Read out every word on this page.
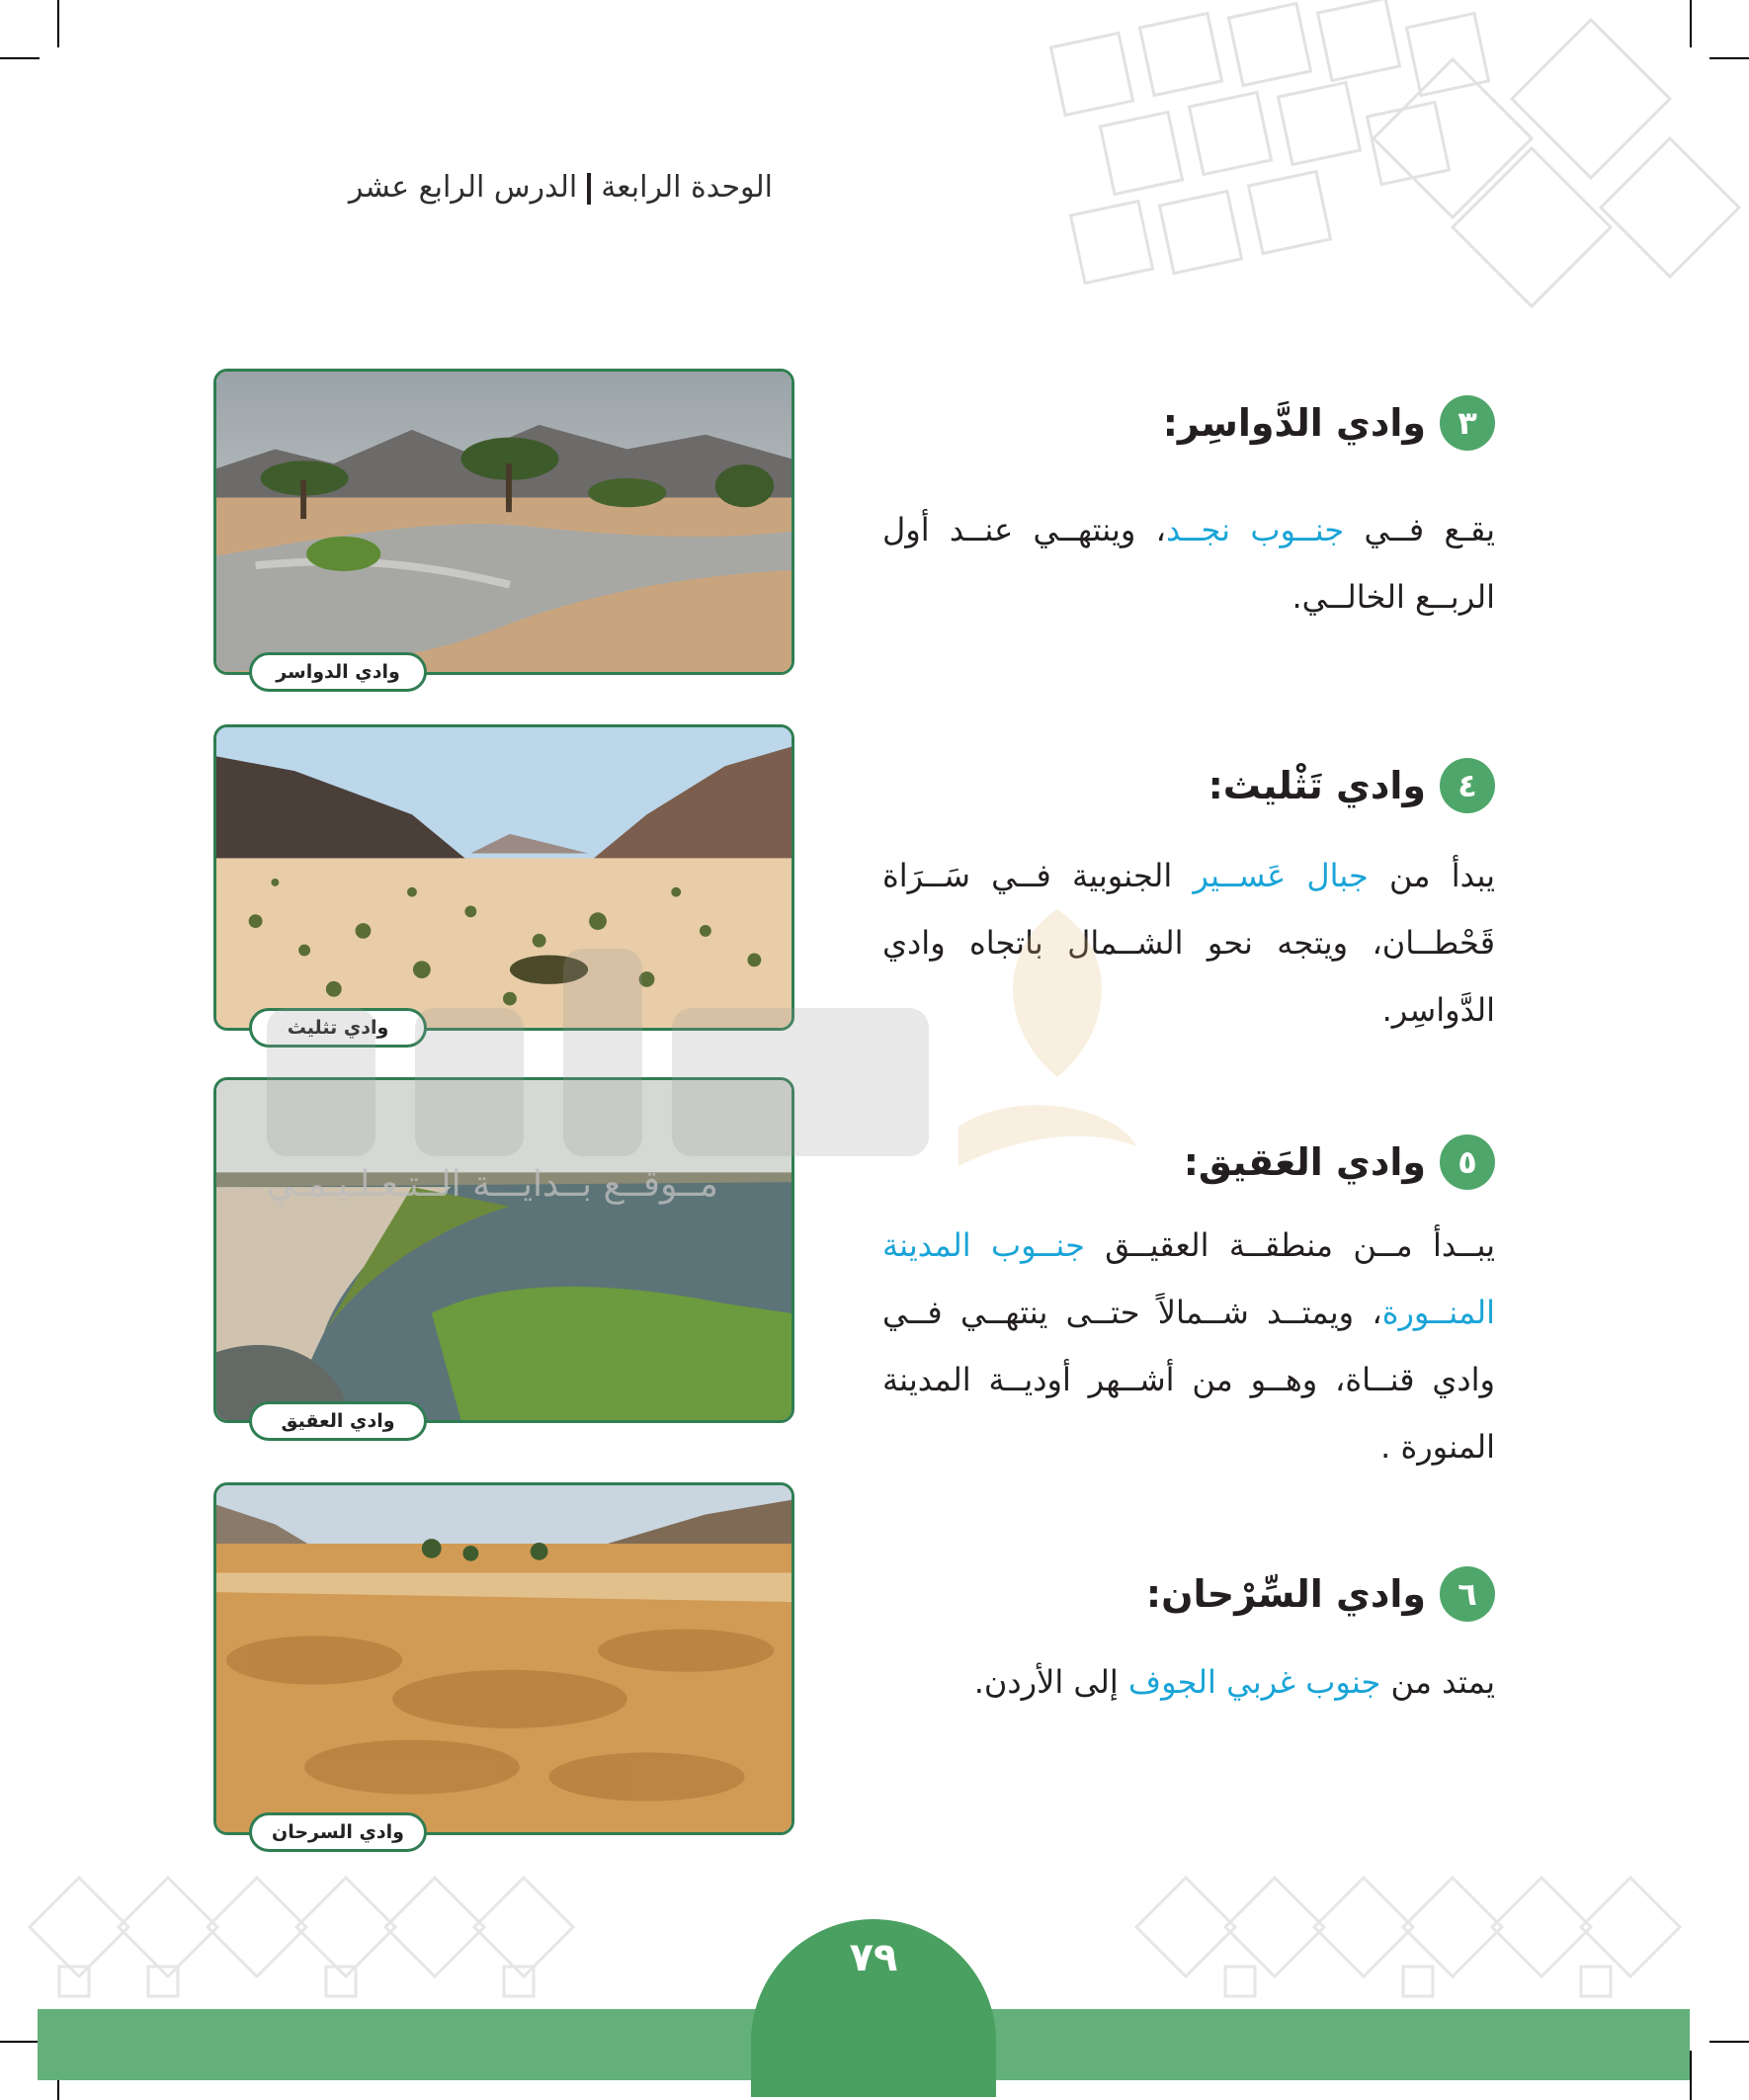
الوحدة الرابعةالدرس الرابع عشر
وادي الدواسر
وادي تثليث
وادي العقيق
وادي السرحان
٣
وادي الدَّواسِر:
يقـع فــي جنــوب نجــد، وينتهــي عنــد أول الربــع الخالــي.
٤
وادي تَثْليث:
يبدأ من جبال عَســير الجنوبية فــي سَــرَاة قَحْطــان، ويتجه نحو الشــمال باتجاه وادي الدَّواسِر.
٥
وادي العَقيق:
يبــدأ مــن منطقــة العقيــق جنــوب المدينة المنــورة، ويمتــد شــمالاً حتــى ينتهــي فــي وادي قنــاة، وهــو من أشــهر أوديــة المدينة المنورة .
٦
وادي السِّرْحان:
يمتد من جنوب غربي الجوف إلى الأردن.
مــوقــع بــدايـــة الــتـعـلـيـمـي
٧٩
